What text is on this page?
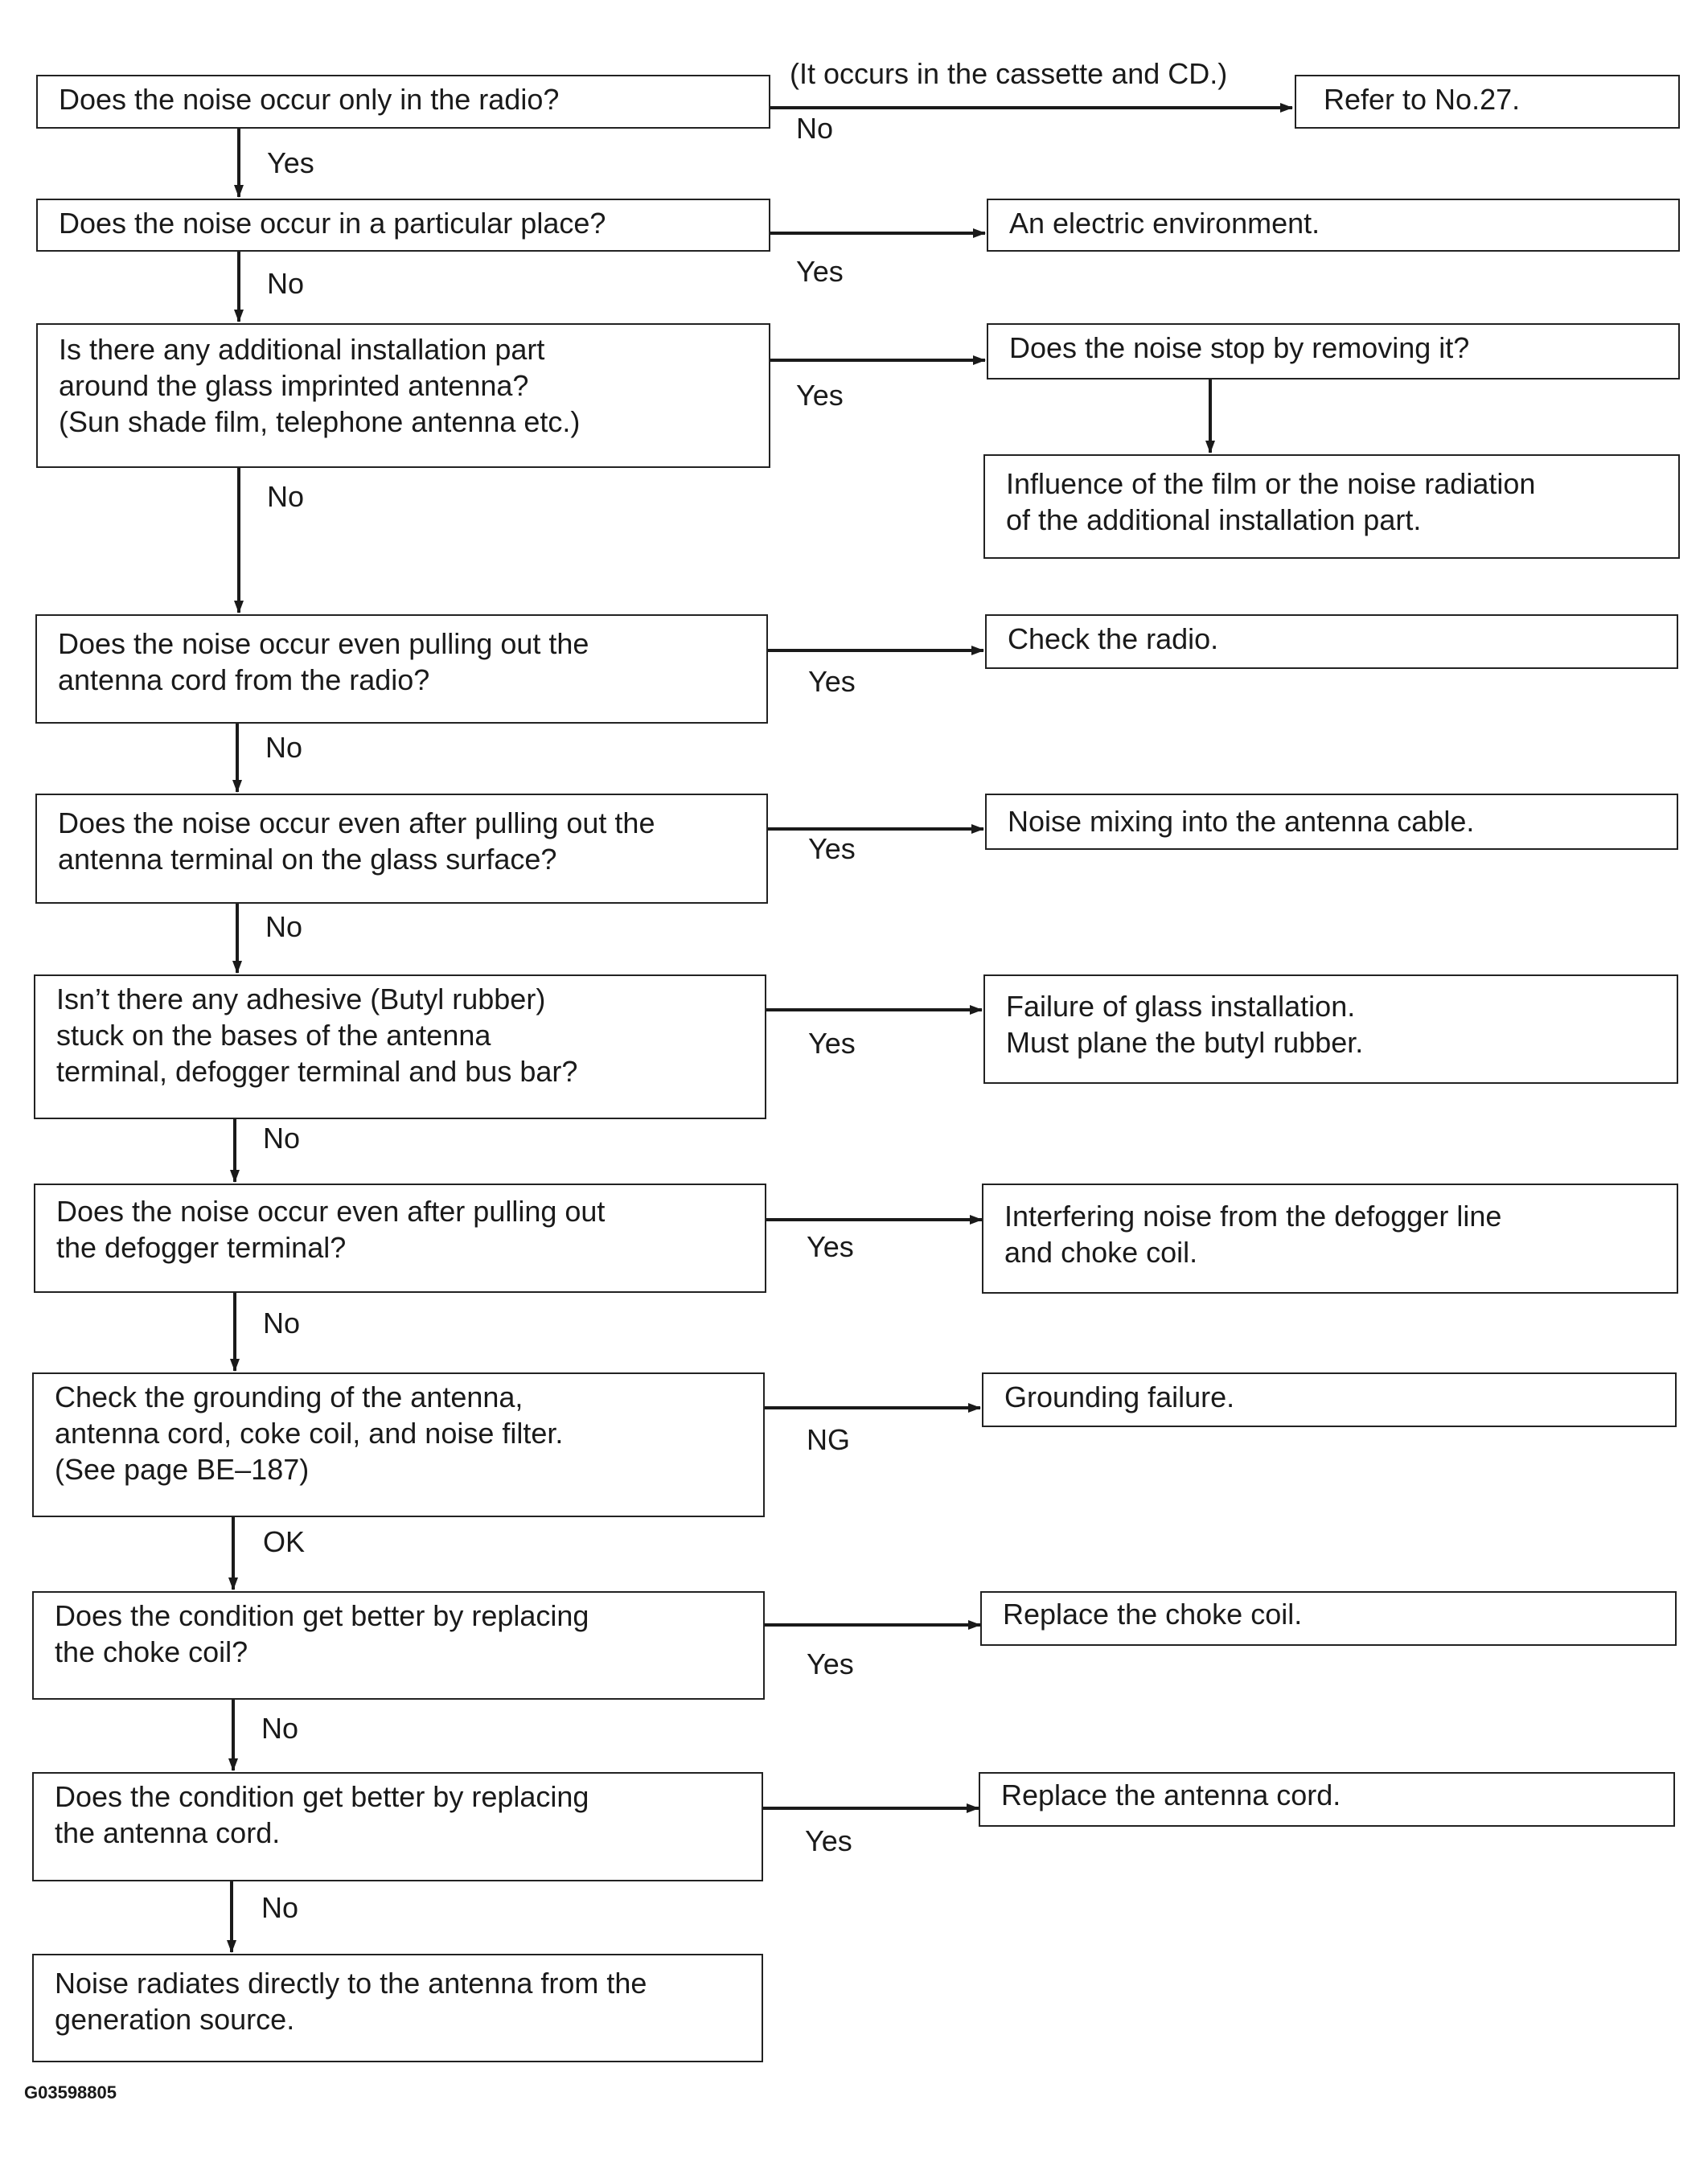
Does the noise occur only in the radio?
(It occurs in the cassette and CD.)
No
Refer to No.27.
Yes
Does the noise occur in a particular place?
Yes
An electric environment.
No
Is there any additional installation part
around the glass imprinted antenna?
(Sun shade film, telephone antenna etc.)
Yes
Does the noise stop by removing it?
Influence of the film or the noise radiation
of the additional installation part.
No
Does the noise occur even pulling out the
antenna cord from the radio?	Yes
Check the radio.
No
Does the noise occur even after pulling out the
antenna terminal on the glass surface?	Yes
Noise mixing into the antenna cable.
No
Isn’t there any adhesive (Butyl rubber)
stuck on the bases of the antenna
terminal, defogger terminal and bus bar?
Yes
Failure of glass installation.
Must plane the butyl rubber.
No
Does the noise occur even after pulling out
the defogger terminal?	Yes
Interfering noise from the defogger line
and choke coil.
No
Check the grounding of the antenna,
antenna cord, coke coil, and noise filter.
(See page BE–187)
NG
Grounding failure.
OK
Does the condition get better by replacing
the choke coil?	Yes
Replace the choke coil.
No
Does the condition get better by replacing
the antenna cord.	Yes
Replace the antenna cord.
No
Noise radiates directly to the antenna from the
generation source.
G03598805
